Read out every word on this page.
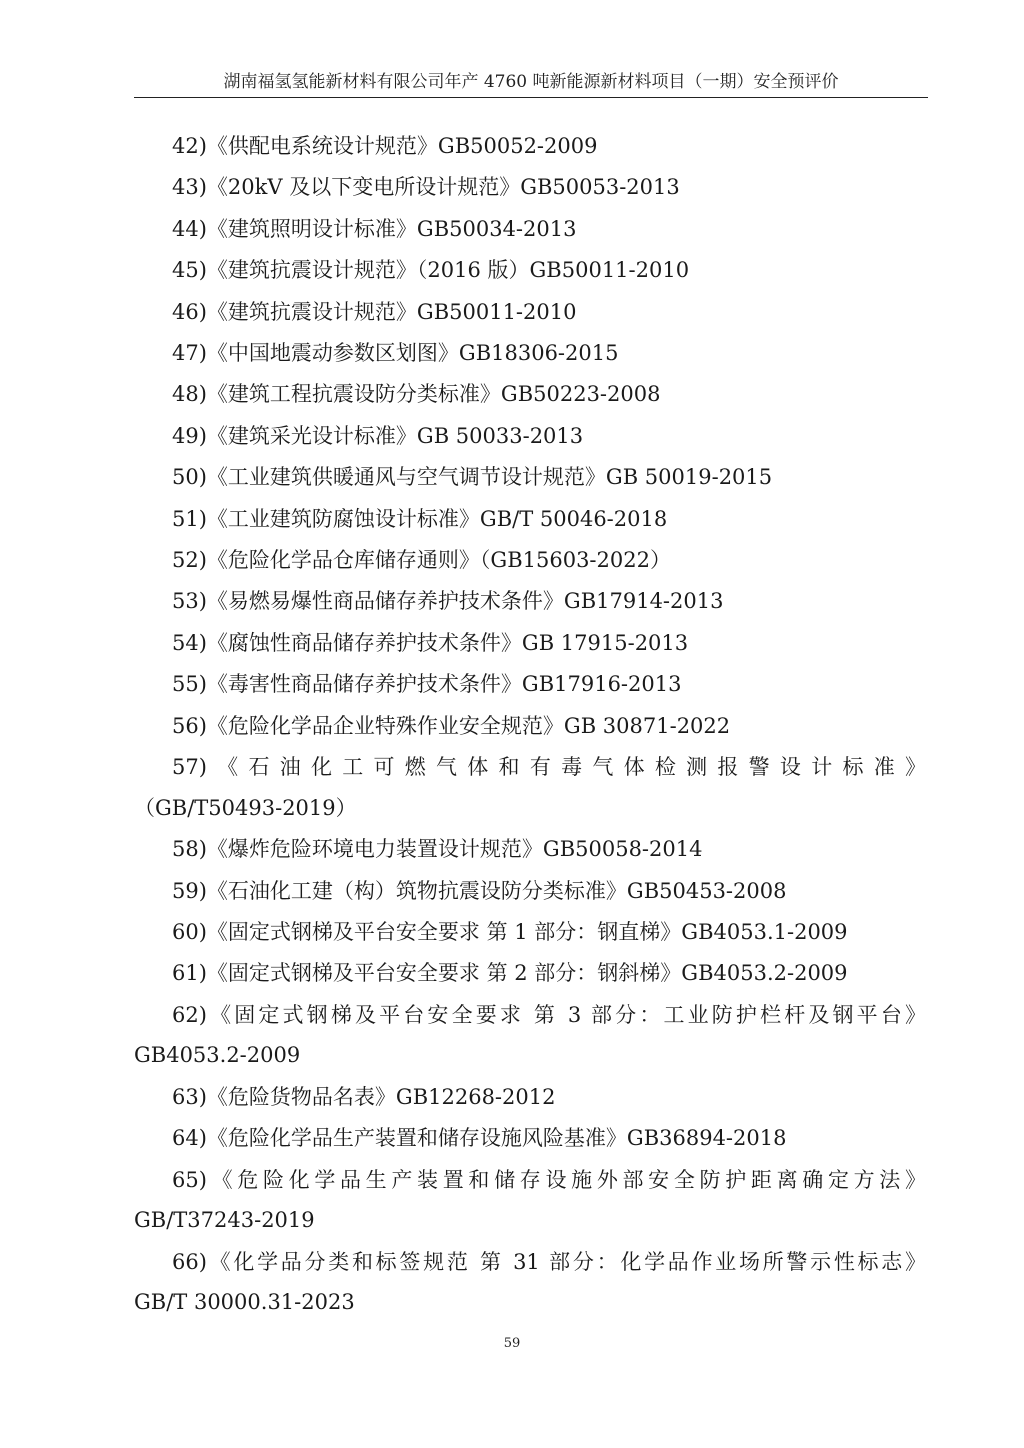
湖南福氢氢能新材料有限公司年产 4760 吨新能源新材料项目（一期）安全预评价

42)《供配电系统设计规范》GB50052-2009

43)《20kV 及以下变电所设计规范》GB50053-2013

44)《建筑照明设计标准》GB50034-2013

45)《建筑抗震设计规范》（2016 版）GB50011-2010

46)《建筑抗震设计规范》GB50011-2010

47)《中国地震动参数区划图》GB18306-2015

48)《建筑工程抗震设防分类标准》GB50223-2008

49)《建筑采光设计标准》GB 50033-2013

50)《工业建筑供暖通风与空气调节设计规范》GB 50019-2015

51)《工业建筑防腐蚀设计标准》GB/T 50046-2018

52)《危险化学品仓库储存通则》（GB15603-2022）

53)《易燃易爆性商品储存养护技术条件》GB17914-2013

54)《腐蚀性商品储存养护技术条件》GB 17915-2013

55)《毒害性商品储存养护技术条件》GB17916-2013

56)《危险化学品企业特殊作业安全规范》GB 30871-2022

57)《石油化工可燃气体和有毒气体检测报警设计标准》
（GB/T50493-2019）

58)《爆炸危险环境电力装置设计规范》GB50058-2014

59)《石油化工建（构）筑物抗震设防分类标准》GB50453-2008

60)《固定式钢梯及平台安全要求 第 1 部分：钢直梯》GB4053.1-2009

61)《固定式钢梯及平台安全要求 第 2 部分：钢斜梯》GB4053.2-2009

62)《固定式钢梯及平台安全要求 第 3 部分：工业防护栏杆及钢平台》
GB4053.2-2009

63)《危险货物品名表》GB12268-2012

64)《危险化学品生产装置和储存设施风险基准》GB36894-2018

65)《危险化学品生产装置和储存设施外部安全防护距离确定方法》
GB/T37243-2019

66)《化学品分类和标签规范 第 31 部分：化学品作业场所警示性标志》
GB/T 30000.31-2023

59
